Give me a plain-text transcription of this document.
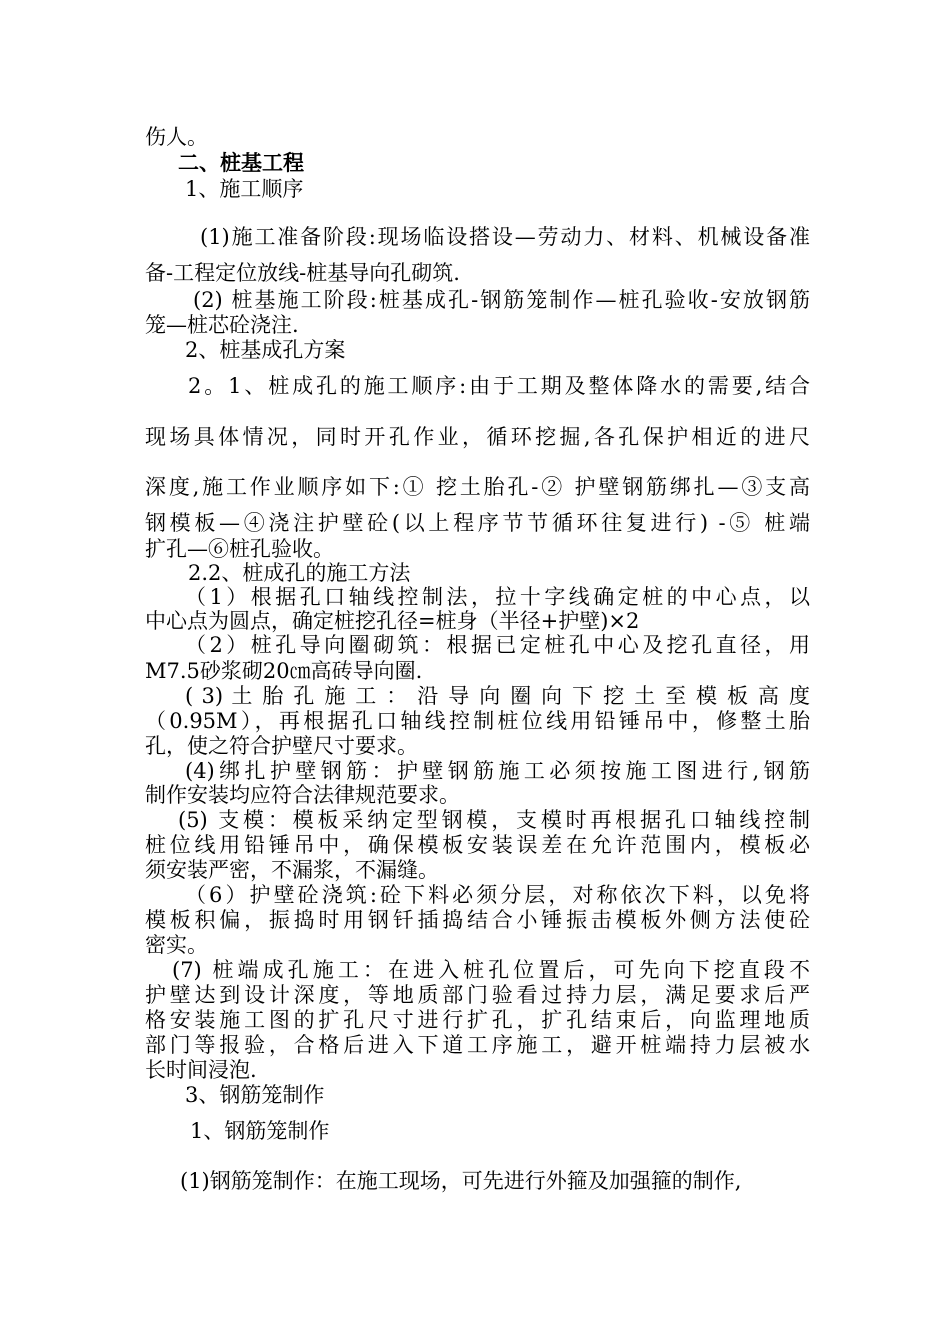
伤人。
二、桩基工程
1、施工顺序
(1)施工准备阶段:现场临设搭设—劳动力、材料、机械设备准
备-工程定位放线-桩基导向孔砌筑.
(2) 桩基施工阶段:桩基成孔-钢筋笼制作—桩孔验收-安放钢筋
笼—桩芯砼浇注.
2、桩基成孔方案
2。1、桩成孔的施工顺序:由于工期及整体降水的需要,结合
现场具体情况，同时开孔作业，循环挖掘,各孔保护相近的进尺
深度,施工作业顺序如下:① 挖土胎孔-② 护壁钢筋绑扎—③支高
钢模板—④浇注护壁砼(以上程序节节循环往复进行) -⑤ 桩端
扩孔—⑥桩孔验收。
2.2、桩成孔的施工方法
（1）根据孔口轴线控制法，拉十字线确定桩的中心点，以
中心点为圆点，确定桩挖孔径=桩身（半径+护壁)×2
（2）桩孔导向圈砌筑：根据已定桩孔中心及挖孔直径，用
M7.5砂浆砌20㎝高砖导向圈.
( 3) 土 胎 孔 施 工 ： 沿 导 向 圈 向 下 挖 土 至 模 板 高 度
（0.95M），再根据孔口轴线控制桩位线用铅锤吊中，修整土胎
孔，使之符合护壁尺寸要求。
(4)绑扎护壁钢筋：护壁钢筋施工必须按施工图进行,钢筋
制作安装均应符合法律规范要求。
(5) 支模：模板采纳定型钢模，支模时再根据孔口轴线控制
桩位线用铅锤吊中，确保模板安装误差在允许范围内，模板必
须安装严密，不漏浆，不漏缝。
（6）护壁砼浇筑:砼下料必须分层，对称依次下料，以免将
模板积偏，振捣时用钢钎插捣结合小锤振击模板外侧方法使砼
密实。
(7) 桩端成孔施工：在进入桩孔位置后，可先向下挖直段不
护壁达到设计深度，等地质部门验看过持力层，满足要求后严
格安装施工图的扩孔尺寸进行扩孔，扩孔结束后，向监理地质
部门等报验，合格后进入下道工序施工，避开桩端持力层被水
长时间浸泡.
3、钢筋笼制作
1、钢筋笼制作
(1)钢筋笼制作：在施工现场，可先进行外箍及加强箍的制作,
